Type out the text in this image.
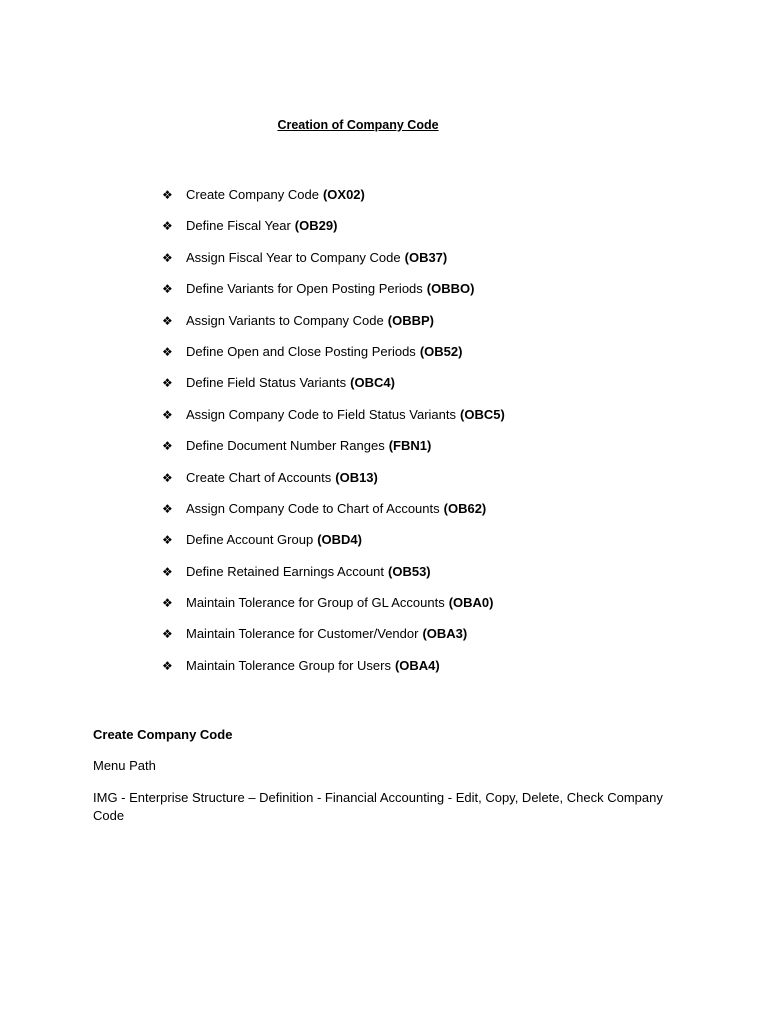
Creation of Company Code
❖	Create Company Code (OX02)
❖	Define Fiscal Year (OB29)
❖	Assign Fiscal Year to Company Code (OB37)
❖	Define Variants for Open Posting Periods (OBBO)
❖	Assign Variants to Company Code (OBBP)
❖	Define Open and Close Posting Periods (OB52)
❖	Define Field Status Variants (OBC4)
❖	Assign Company Code to Field Status Variants (OBC5)
❖	Define Document Number Ranges (FBN1)
❖	Create Chart of Accounts (OB13)
❖	Assign Company Code to Chart of Accounts (OB62)
❖	Define Account Group (OBD4)
❖	Define Retained Earnings Account (OB53)
❖	Maintain Tolerance for Group of GL Accounts (OBA0)
❖	Maintain Tolerance for Customer/Vendor (OBA3)
❖	Maintain Tolerance Group for Users (OBA4)

Create Company Code

Menu Path

IMG - Enterprise Structure – Definition - Financial Accounting - Edit, Copy, Delete, Check Company Code
